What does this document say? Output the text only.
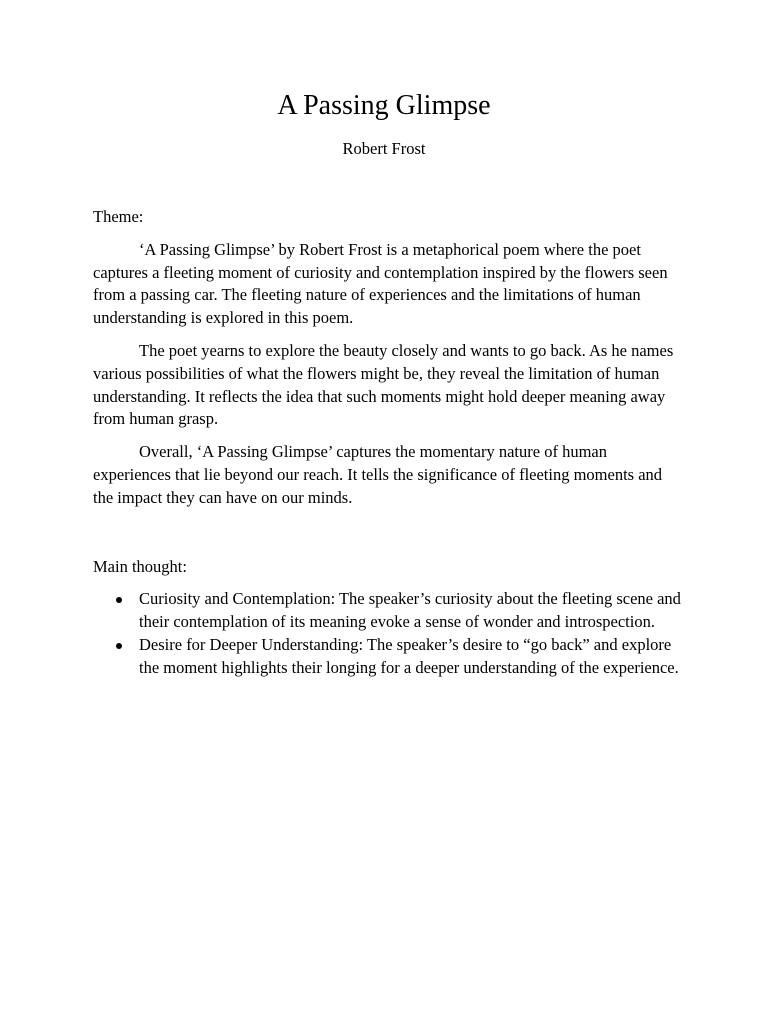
A Passing Glimpse

Robert Frost

Theme:

‘A Passing Glimpse’ by Robert Frost is a metaphorical poem where the poet captures a fleeting moment of curiosity and contemplation inspired by the flowers seen from a passing car. The fleeting nature of experiences and the limitations of human understanding is explored in this poem.

The poet yearns to explore the beauty closely and wants to go back. As he names various possibilities of what the flowers might be, they reveal the limitation of human understanding. It reflects the idea that such moments might hold deeper meaning away from human grasp.

Overall, ‘A Passing Glimpse’ captures the momentary nature of human experiences that lie beyond our reach. It tells the significance of fleeting moments and the impact they can have on our minds.

Main thought:
Curiosity and Contemplation: The speaker’s curiosity about the fleeting scene and their contemplation of its meaning evoke a sense of wonder and introspection.
Desire for Deeper Understanding: The speaker’s desire to “go back” and explore the moment highlights their longing for a deeper understanding of the experience.
